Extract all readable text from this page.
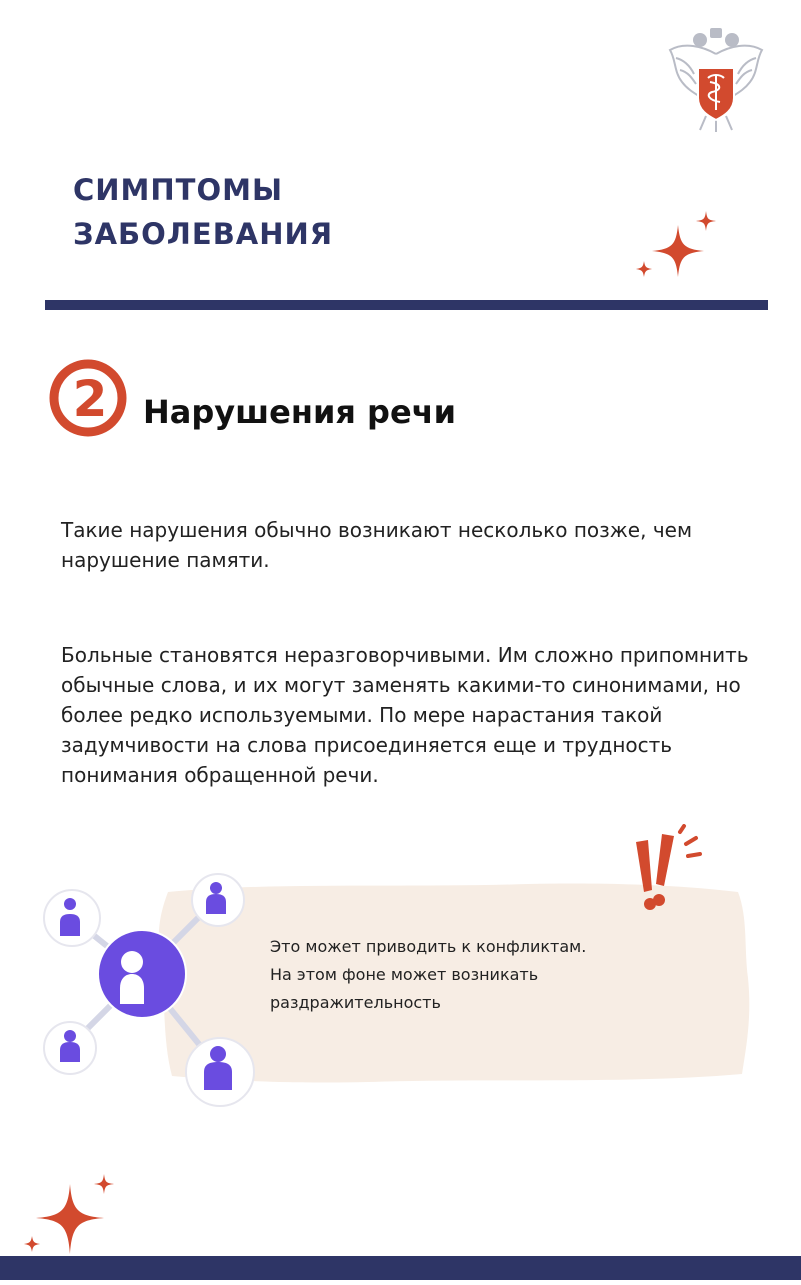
СИМПТОМЫ
ЗАБОЛЕВАНИЯ
2 Нарушения речи

Такие нарушения обычно возникают несколько позже, чем нарушение памяти.

Больные становятся неразговорчивыми. Им сложно припомнить обычные слова, и их могут заменять какими-то синонимами, но более редко используемыми. По мере нарастания такой задумчивости на слова присоединяется еще и трудность понимания обращенной речи.

Это может приводить к конфликтам.
На этом фоне может возникать
раздражительность
